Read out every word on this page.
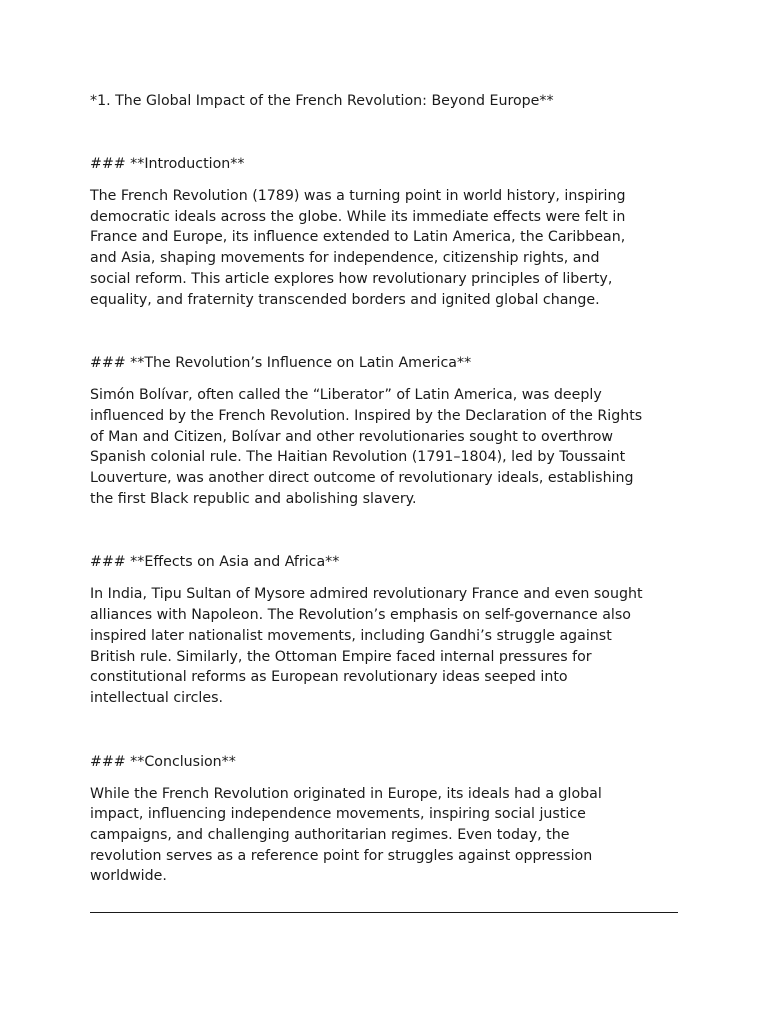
*1. The Global Impact of the French Revolution: Beyond Europe**

### **Introduction**

The French Revolution (1789) was a turning point in world history, inspiring
democratic ideals across the globe. While its immediate effects were felt in
France and Europe, its influence extended to Latin America, the Caribbean,
and Asia, shaping movements for independence, citizenship rights, and
social reform. This article explores how revolutionary principles of liberty,
equality, and fraternity transcended borders and ignited global change.

### **The Revolution’s Influence on Latin America**

Simón Bolívar, often called the “Liberator” of Latin America, was deeply
influenced by the French Revolution. Inspired by the Declaration of the Rights
of Man and Citizen, Bolívar and other revolutionaries sought to overthrow
Spanish colonial rule. The Haitian Revolution (1791–1804), led by Toussaint
Louverture, was another direct outcome of revolutionary ideals, establishing
the first Black republic and abolishing slavery.

### **Effects on Asia and Africa**

In India, Tipu Sultan of Mysore admired revolutionary France and even sought
alliances with Napoleon. The Revolution’s emphasis on self-governance also
inspired later nationalist movements, including Gandhi’s struggle against
British rule. Similarly, the Ottoman Empire faced internal pressures for
constitutional reforms as European revolutionary ideas seeped into
intellectual circles.

### **Conclusion**

While the French Revolution originated in Europe, its ideals had a global
impact, influencing independence movements, inspiring social justice
campaigns, and challenging authoritarian regimes. Even today, the
revolution serves as a reference point for struggles against oppression
worldwide.
